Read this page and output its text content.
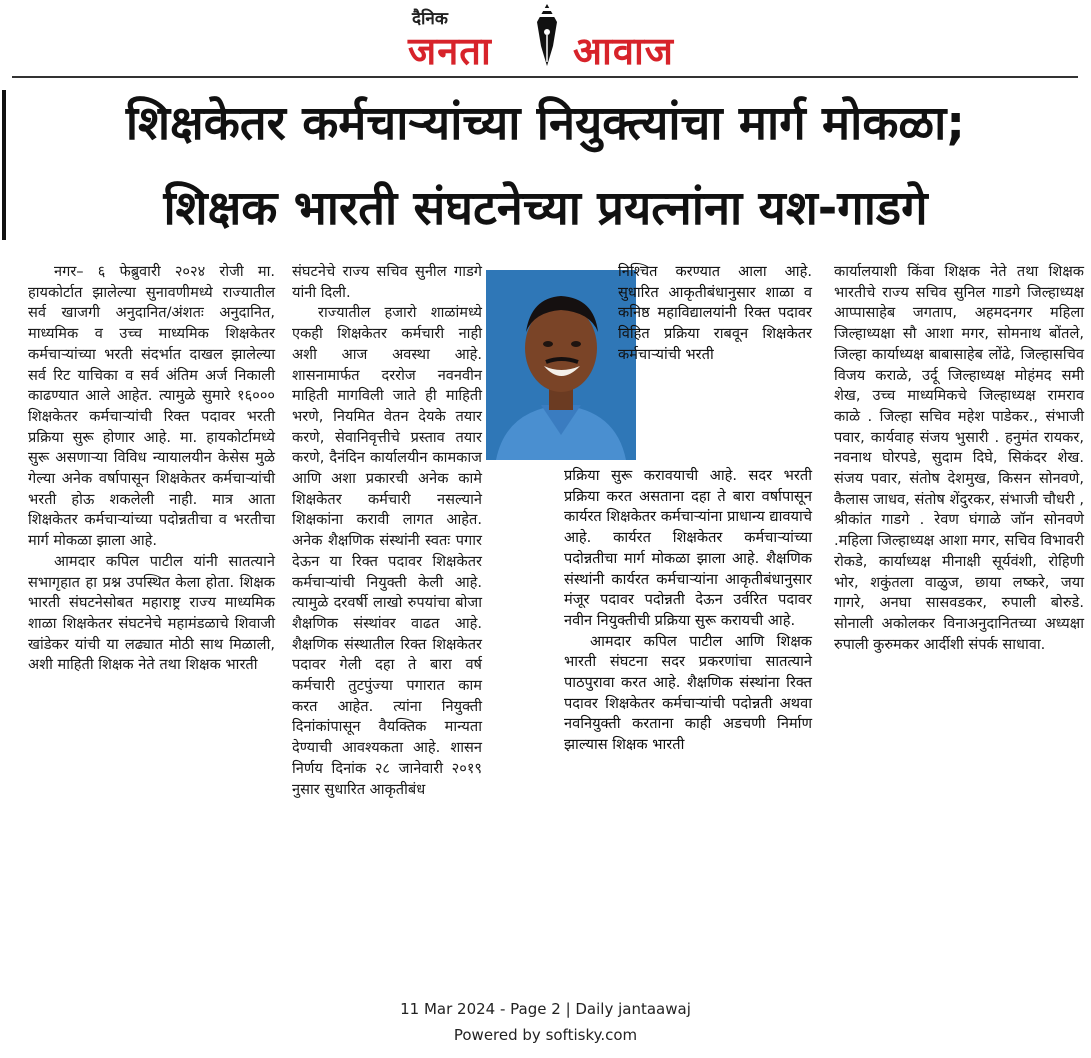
दैनिक
जनता आवाज
शिक्षकेतर कर्मचाऱ्यांच्या नियुक्त्यांचा मार्ग मोकळा;
शिक्षक भारती संघटनेच्या प्रयत्नांना यश-गाडगे

नगर– ६ फेब्रुवारी २०२४ रोजी मा. हायकोर्टात झालेल्या सुनावणीमध्ये राज्यातील सर्व खाजगी अनुदानित/अंशतः अनुदानित, माध्यमिक व उच्च माध्यमिक शिक्षकेतर कर्मचाऱ्यांच्या भरती संदर्भात दाखल झालेल्या सर्व रिट याचिका व सर्व अंतिम अर्ज निकाली काढण्यात आले आहेत. त्यामुळे सुमारे १६००० शिक्षकेतर कर्मचाऱ्यांची रिक्त पदावर भरती प्रक्रिया सुरू होणार आहे. मा. हायकोर्टामध्ये सुरू असणाऱ्या विविध न्यायालयीन केसेस मुळे गेल्या अनेक वर्षापासून शिक्षकेतर कर्मचाऱ्यांची भरती होऊ शकलेली नाही. मात्र आता शिक्षकेतर कर्मचाऱ्यांच्या पदोन्नतीचा व भरतीचा मार्ग मोकळा झाला आहे.

आमदार कपिल पाटील यांनी सातत्याने सभागृहात हा प्रश्न उपस्थित केला होता. शिक्षक भारती संघटनेसोबत महाराष्ट्र राज्य माध्यमिक शाळा शिक्षकेतर संघटनेचे महामंडळाचे शिवाजी खांडेकर यांची या लढ्यात मोठी साथ मिळाली, अशी माहिती शिक्षक नेते तथा शिक्षक भारती

संघटनेचे राज्य सचिव सुनील गाडगे यांनी दिली.

राज्यातील हजारो शाळांमध्ये एकही शिक्षकेतर कर्मचारी नाही अशी आज अवस्था आहे. शासनामार्फत दररोज नवनवीन माहिती मागविली जाते ही माहिती भरणे, नियमित वेतन देयके तयार करणे, सेवानिवृत्तीचे प्रस्ताव तयार करणे, दैनंदिन कार्यालयीन कामकाज आणि अशा प्रकारची अनेक कामे शिक्षकेतर कर्मचारी नसल्याने शिक्षकांना करावी लागत आहेत. अनेक शैक्षणिक संस्थांनी स्वतः पगार देऊन या रिक्त पदावर शिक्षकेतर कर्मचाऱ्यांची नियुक्ती केली आहे. त्यामुळे दरवर्षी लाखो रुपयांचा बोजा शैक्षणिक संस्थांवर वाढत आहे. शैक्षणिक संस्थातील रिक्त शिक्षकेतर पदावर गेली दहा ते बारा वर्ष कर्मचारी तुटपुंज्या पगारात काम करत आहेत. त्यांना नियुक्ती दिनांकांपासून वैयक्तिक मान्यता देण्याची आवश्यकता आहे. शासन निर्णय दिनांक २८ जानेवारी २०१९ नुसार सुधारित आकृतीबंध

निश्चित करण्यात आला आहे. सुधारित आकृतीबंधानुसार शाळा व कनिष्ठ महाविद्यालयांनी रिक्त पदावर विहित प्रक्रिया राबवून शिक्षकेतर कर्मचाऱ्यांची भरती

प्रक्रिया सुरू करावयाची आहे. सदर भरती प्रक्रिया करत असताना दहा ते बारा वर्षापासून कार्यरत शिक्षकेतर कर्मचाऱ्यांना प्राधान्य द्यावयाचे आहे. कार्यरत शिक्षकेतर कर्मचाऱ्यांच्या पदोन्नतीचा मार्ग मोकळा झाला आहे. शैक्षणिक संस्थांनी कार्यरत कर्मचाऱ्यांना आकृतीबंधानुसार मंजूर पदावर पदोन्नती देऊन उर्वरित पदावर नवीन नियुक्तीची प्रक्रिया सुरू करायची आहे.

आमदार कपिल पाटील आणि शिक्षक भारती संघटना सदर प्रकरणांचा सातत्याने पाठपुरावा करत आहे. शैक्षणिक संस्थांना रिक्त पदावर शिक्षकेतर कर्मचाऱ्यांची पदोन्नती अथवा नवनियुक्ती करताना काही अडचणी निर्माण झाल्यास शिक्षक भारती

कार्यालयाशी किंवा शिक्षक नेते तथा शिक्षक भारतीचे राज्य सचिव सुनिल गाडगे जिल्हाध्यक्ष आप्पासाहेब जगताप, अहमदनगर महिला जिल्हाध्यक्षा सौ आशा मगर, सोमनाथ बोंतले, जिल्हा कार्याध्यक्ष बाबासाहेब लोंढे, जिल्हासचिव विजय कराळे, उर्दू जिल्हाध्यक्ष मोहंमद समी शेख, उच्च माध्यमिकचे जिल्हाध्यक्ष रामराव काळे . जिल्हा सचिव महेश पाडेकर., संभाजी पवार, कार्यवाह संजय भुसारी . हनुमंत रायकर, नवनाथ घोरपडे, सुदाम दिघे, सिकंदर शेख. संजय पवार, संतोष देशमुख, किसन सोनवणे, कैलास जाधव, संतोष शेंदुरकर, संभाजी चौधरी , श्रीकांत गाडगे . रेवण घंगाळे जॉन सोनवणे .महिला जिल्हाध्यक्ष आशा मगर, सचिव विभावरी रोकडे, कार्याध्यक्ष मीनाक्षी सूर्यवंशी, रोहिणी भोर, शकुंतला वाळुज, छाया लष्करे, जया गागरे, अनघा सासवडकर, रुपाली बोरुडे. सोनाली अकोलकर विनाअनुदानितच्या अध्यक्षा रुपाली कुरुमकर आर्दीशी संपर्क साधावा.

11 Mar 2024 - Page 2 | Daily jantaawaj
Powered by softisky.com
